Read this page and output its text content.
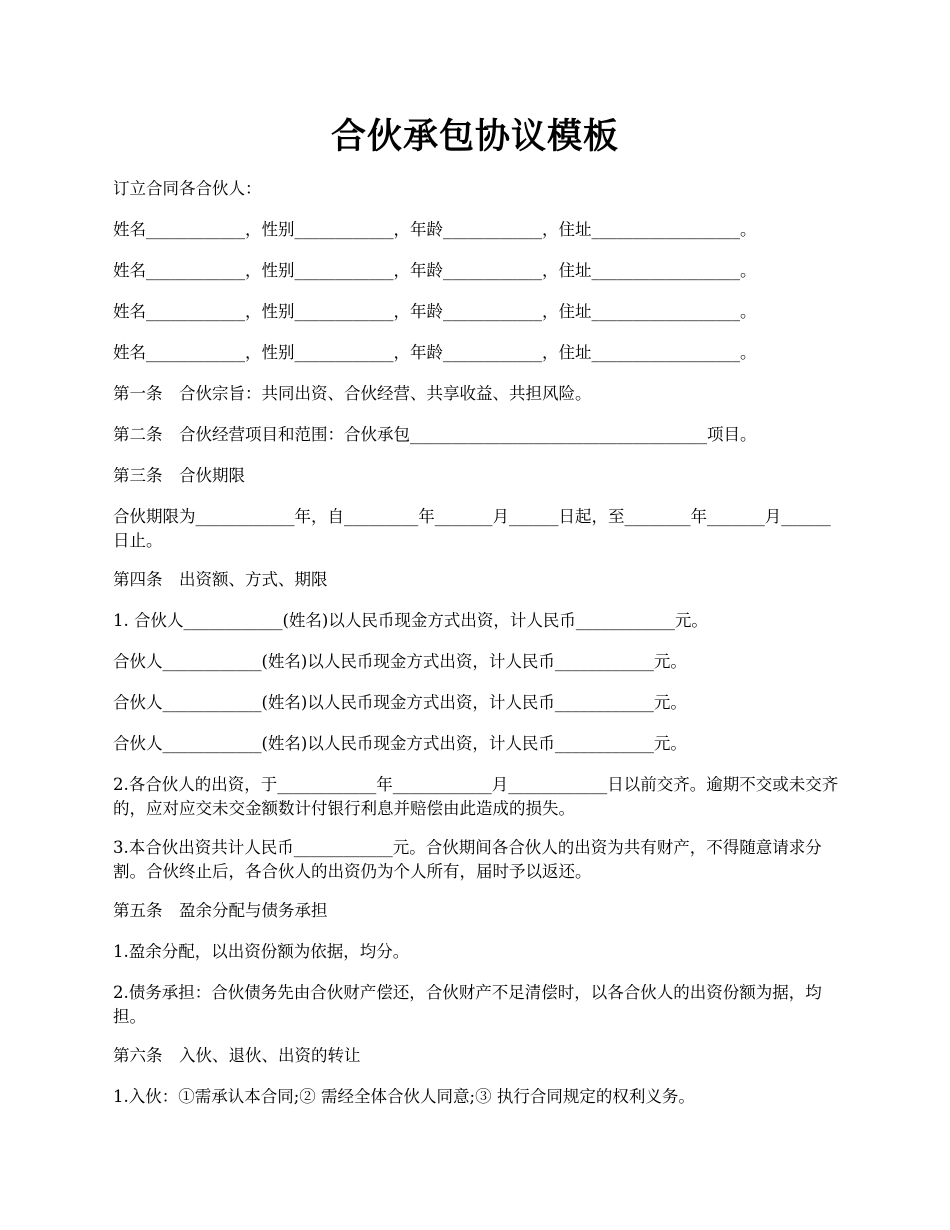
合伙承包协议模板

订立合同各合伙人：

姓名____________，性别____________，年龄____________，住址__________________。

姓名____________，性别____________，年龄____________，住址__________________。

姓名____________，性别____________，年龄____________，住址__________________。

姓名____________，性别____________，年龄____________，住址__________________。

第一条　合伙宗旨：共同出资、合伙经营、共享收益、共担风险。

第二条　合伙经营项目和范围：合伙承包____________________________________项目。

第三条　合伙期限

合伙期限为____________年，自_________年_______月______日起，至________年_______月______日止。

第四条　出资额、方式、期限

1. 合伙人____________(姓名)以人民币现金方式出资，计人民币____________元。

合伙人____________(姓名)以人民币现金方式出资，计人民币____________元。

合伙人____________(姓名)以人民币现金方式出资，计人民币____________元。

合伙人____________(姓名)以人民币现金方式出资，计人民币____________元。

2.各合伙人的出资，于____________年____________月____________日以前交齐。逾期不交或未交齐的，应对应交未交金额数计付银行利息并赔偿由此造成的损失。

3.本合伙出资共计人民币____________元。合伙期间各合伙人的出资为共有财产，不得随意请求分割。合伙终止后，各合伙人的出资仍为个人所有，届时予以返还。

第五条　盈余分配与债务承担

1.盈余分配，以出资份额为依据，均分。

2.债务承担：合伙债务先由合伙财产偿还，合伙财产不足清偿时，以各合伙人的出资份额为据，均担。

第六条　入伙、退伙、出资的转让

1.入伙：①需承认本合同;② 需经全体合伙人同意;③ 执行合同规定的权利义务。
